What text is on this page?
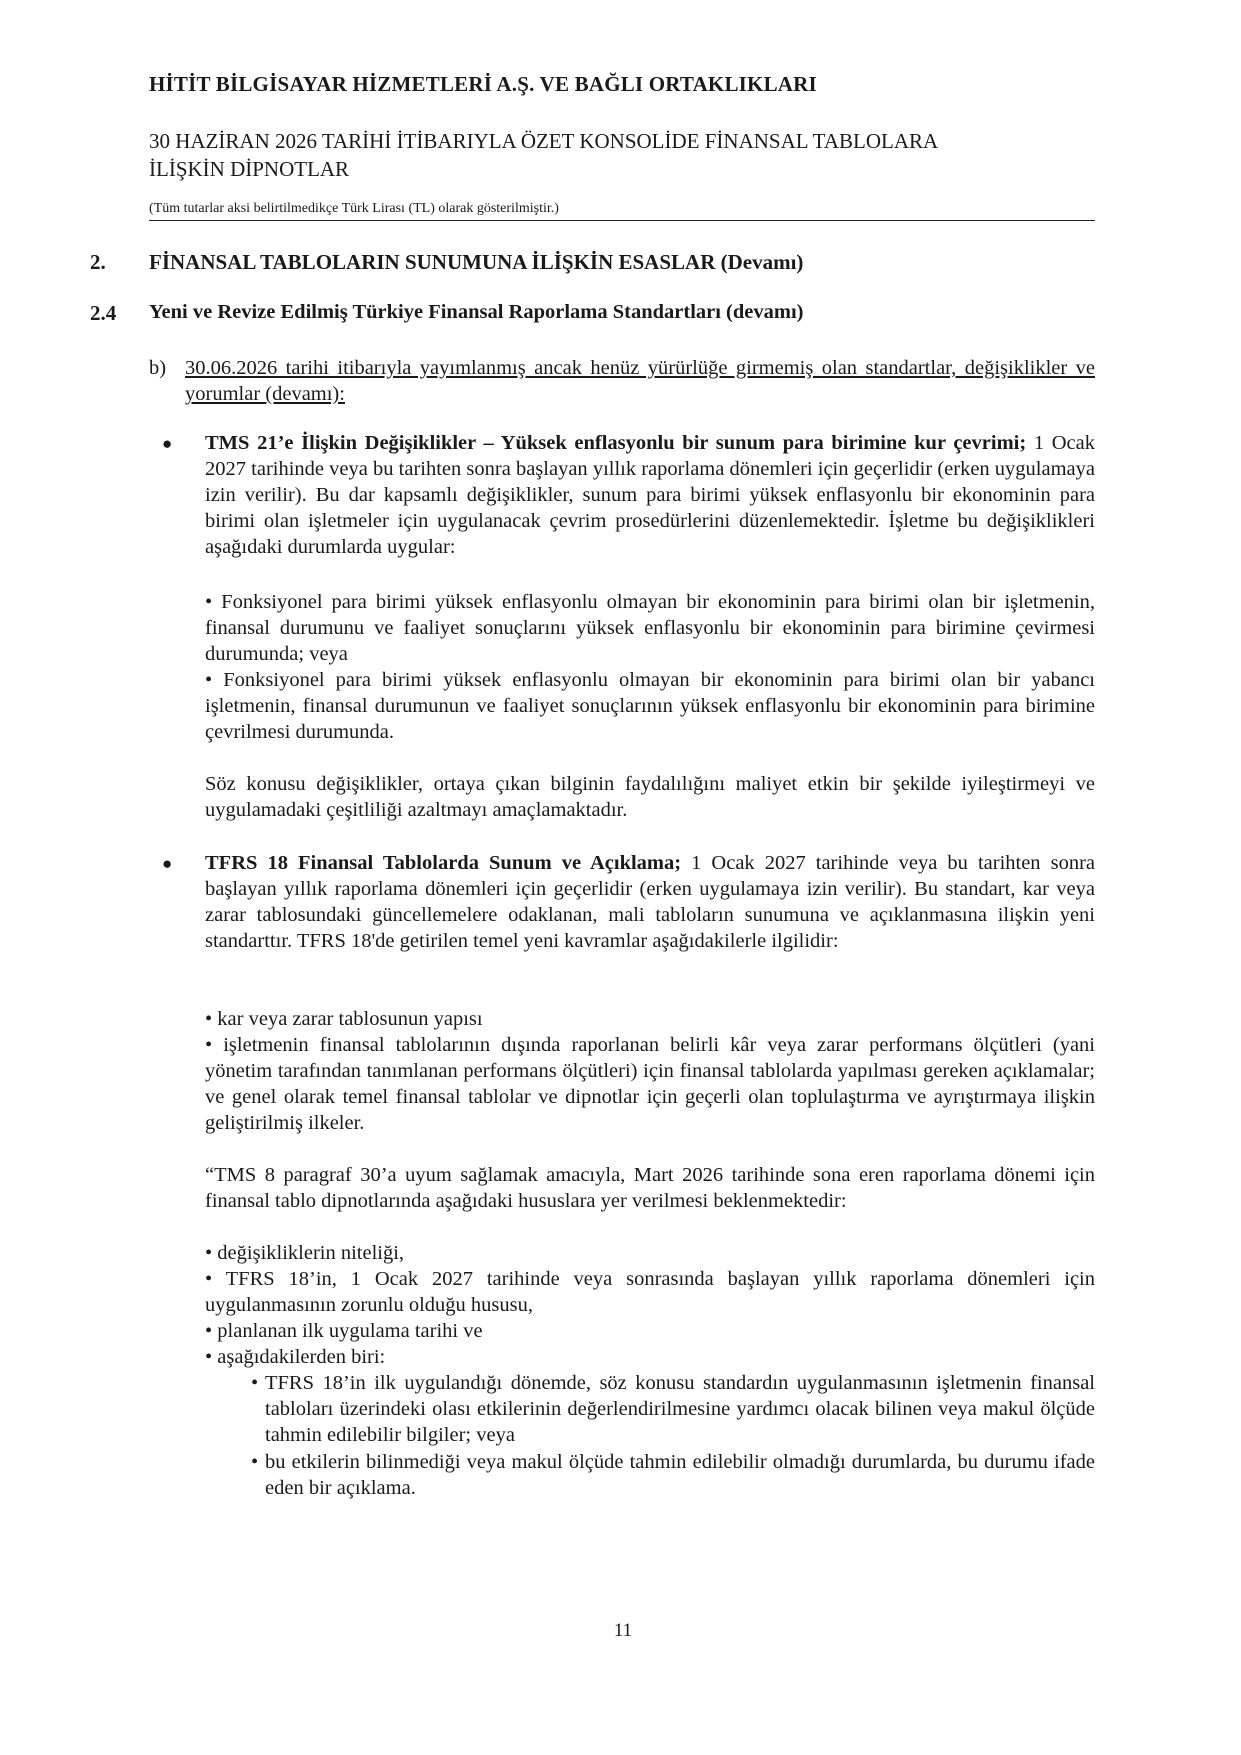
HİTİT BİLGİSAYAR HİZMETLERİ A.Ş. VE BAĞLI ORTAKLIKLARI
30 HAZİRAN 2026 TARİHİ İTİBARIYLA ÖZET KONSOLİDE FİNANSAL TABLOLARA
İLİŞKİN DİPNOTLAR
(Tüm tutarlar aksi belirtilmedikçe Türk Lirası (TL) olarak gösterilmiştir.)
2. FİNANSAL TABLOLARIN SUNUMUNA İLİŞKİN ESASLAR (Devamı)
2.4 Yeni ve Revize Edilmiş Türkiye Finansal Raporlama Standartları (devamı)
b) 30.06.2026 tarihi itibarıyla yayımlanmış ancak henüz yürürlüğe girmemiş olan standartlar, değişiklikler ve yorumlar (devamı):
● TMS 21’e İlişkin Değişiklikler – Yüksek enflasyonlu bir sunum para birimine kur çevrimi; 1 Ocak 2027 tarihinde veya bu tarihten sonra başlayan yıllık raporlama dönemleri için geçerlidir (erken uygulamaya izin verilir). Bu dar kapsamlı değişiklikler, sunum para birimi yüksek enflasyonlu bir ekonominin para birimi olan işletmeler için uygulanacak çevrim prosedürlerini düzenlemektedir. İşletme bu değişiklikleri aşağıdaki durumlarda uygular:
• Fonksiyonel para birimi yüksek enflasyonlu olmayan bir ekonominin para birimi olan bir işletmenin, finansal durumunu ve faaliyet sonuçlarını yüksek enflasyonlu bir ekonominin para birimine çevirmesi durumunda; veya
• Fonksiyonel para birimi yüksek enflasyonlu olmayan bir ekonominin para birimi olan bir yabancı işletmenin, finansal durumunun ve faaliyet sonuçlarının yüksek enflasyonlu bir ekonominin para birimine çevrilmesi durumunda.
Söz konusu değişiklikler, ortaya çıkan bilginin faydalılığını maliyet etkin bir şekilde iyileştirmeyi ve uygulamadaki çeşitliliği azaltmayı amaçlamaktadır.
● TFRS 18 Finansal Tablolarda Sunum ve Açıklama; 1 Ocak 2027 tarihinde veya bu tarihten sonra başlayan yıllık raporlama dönemleri için geçerlidir (erken uygulamaya izin verilir). Bu standart, kar veya zarar tablosundaki güncellemelere odaklanan, mali tabloların sunumuna ve açıklanmasına ilişkin yeni standarttır. TFRS 18'de getirilen temel yeni kavramlar aşağıdakilerle ilgilidir:
• kar veya zarar tablosunun yapısı
• işletmenin finansal tablolarının dışında raporlanan belirli kâr veya zarar performans ölçütleri (yani yönetim tarafından tanımlanan performans ölçütleri) için finansal tablolarda yapılması gereken açıklamalar; ve genel olarak temel finansal tablolar ve dipnotlar için geçerli olan toplulaştırma ve ayrıştırmaya ilişkin geliştirilmiş ilkeler.
“TMS 8 paragraf 30’a uyum sağlamak amacıyla, Mart 2026 tarihinde sona eren raporlama dönemi için finansal tablo dipnotlarında aşağıdaki hususlara yer verilmesi beklenmektedir:
• değişikliklerin niteliği,
• TFRS 18’in, 1 Ocak 2027 tarihinde veya sonrasında başlayan yıllık raporlama dönemleri için uygulanmasının zorunlu olduğu hususu,
• planlanan ilk uygulama tarihi ve
• aşağıdakilerden biri:
• TFRS 18’in ilk uygulandığı dönemde, söz konusu standardın uygulanmasının işletmenin finansal tabloları üzerindeki olası etkilerinin değerlendirilmesine yardımcı olacak bilinen veya makul ölçüde tahmin edilebilir bilgiler; veya
• bu etkilerin bilinmediği veya makul ölçüde tahmin edilebilir olmadığı durumlarda, bu durumu ifade eden bir açıklama.
11
